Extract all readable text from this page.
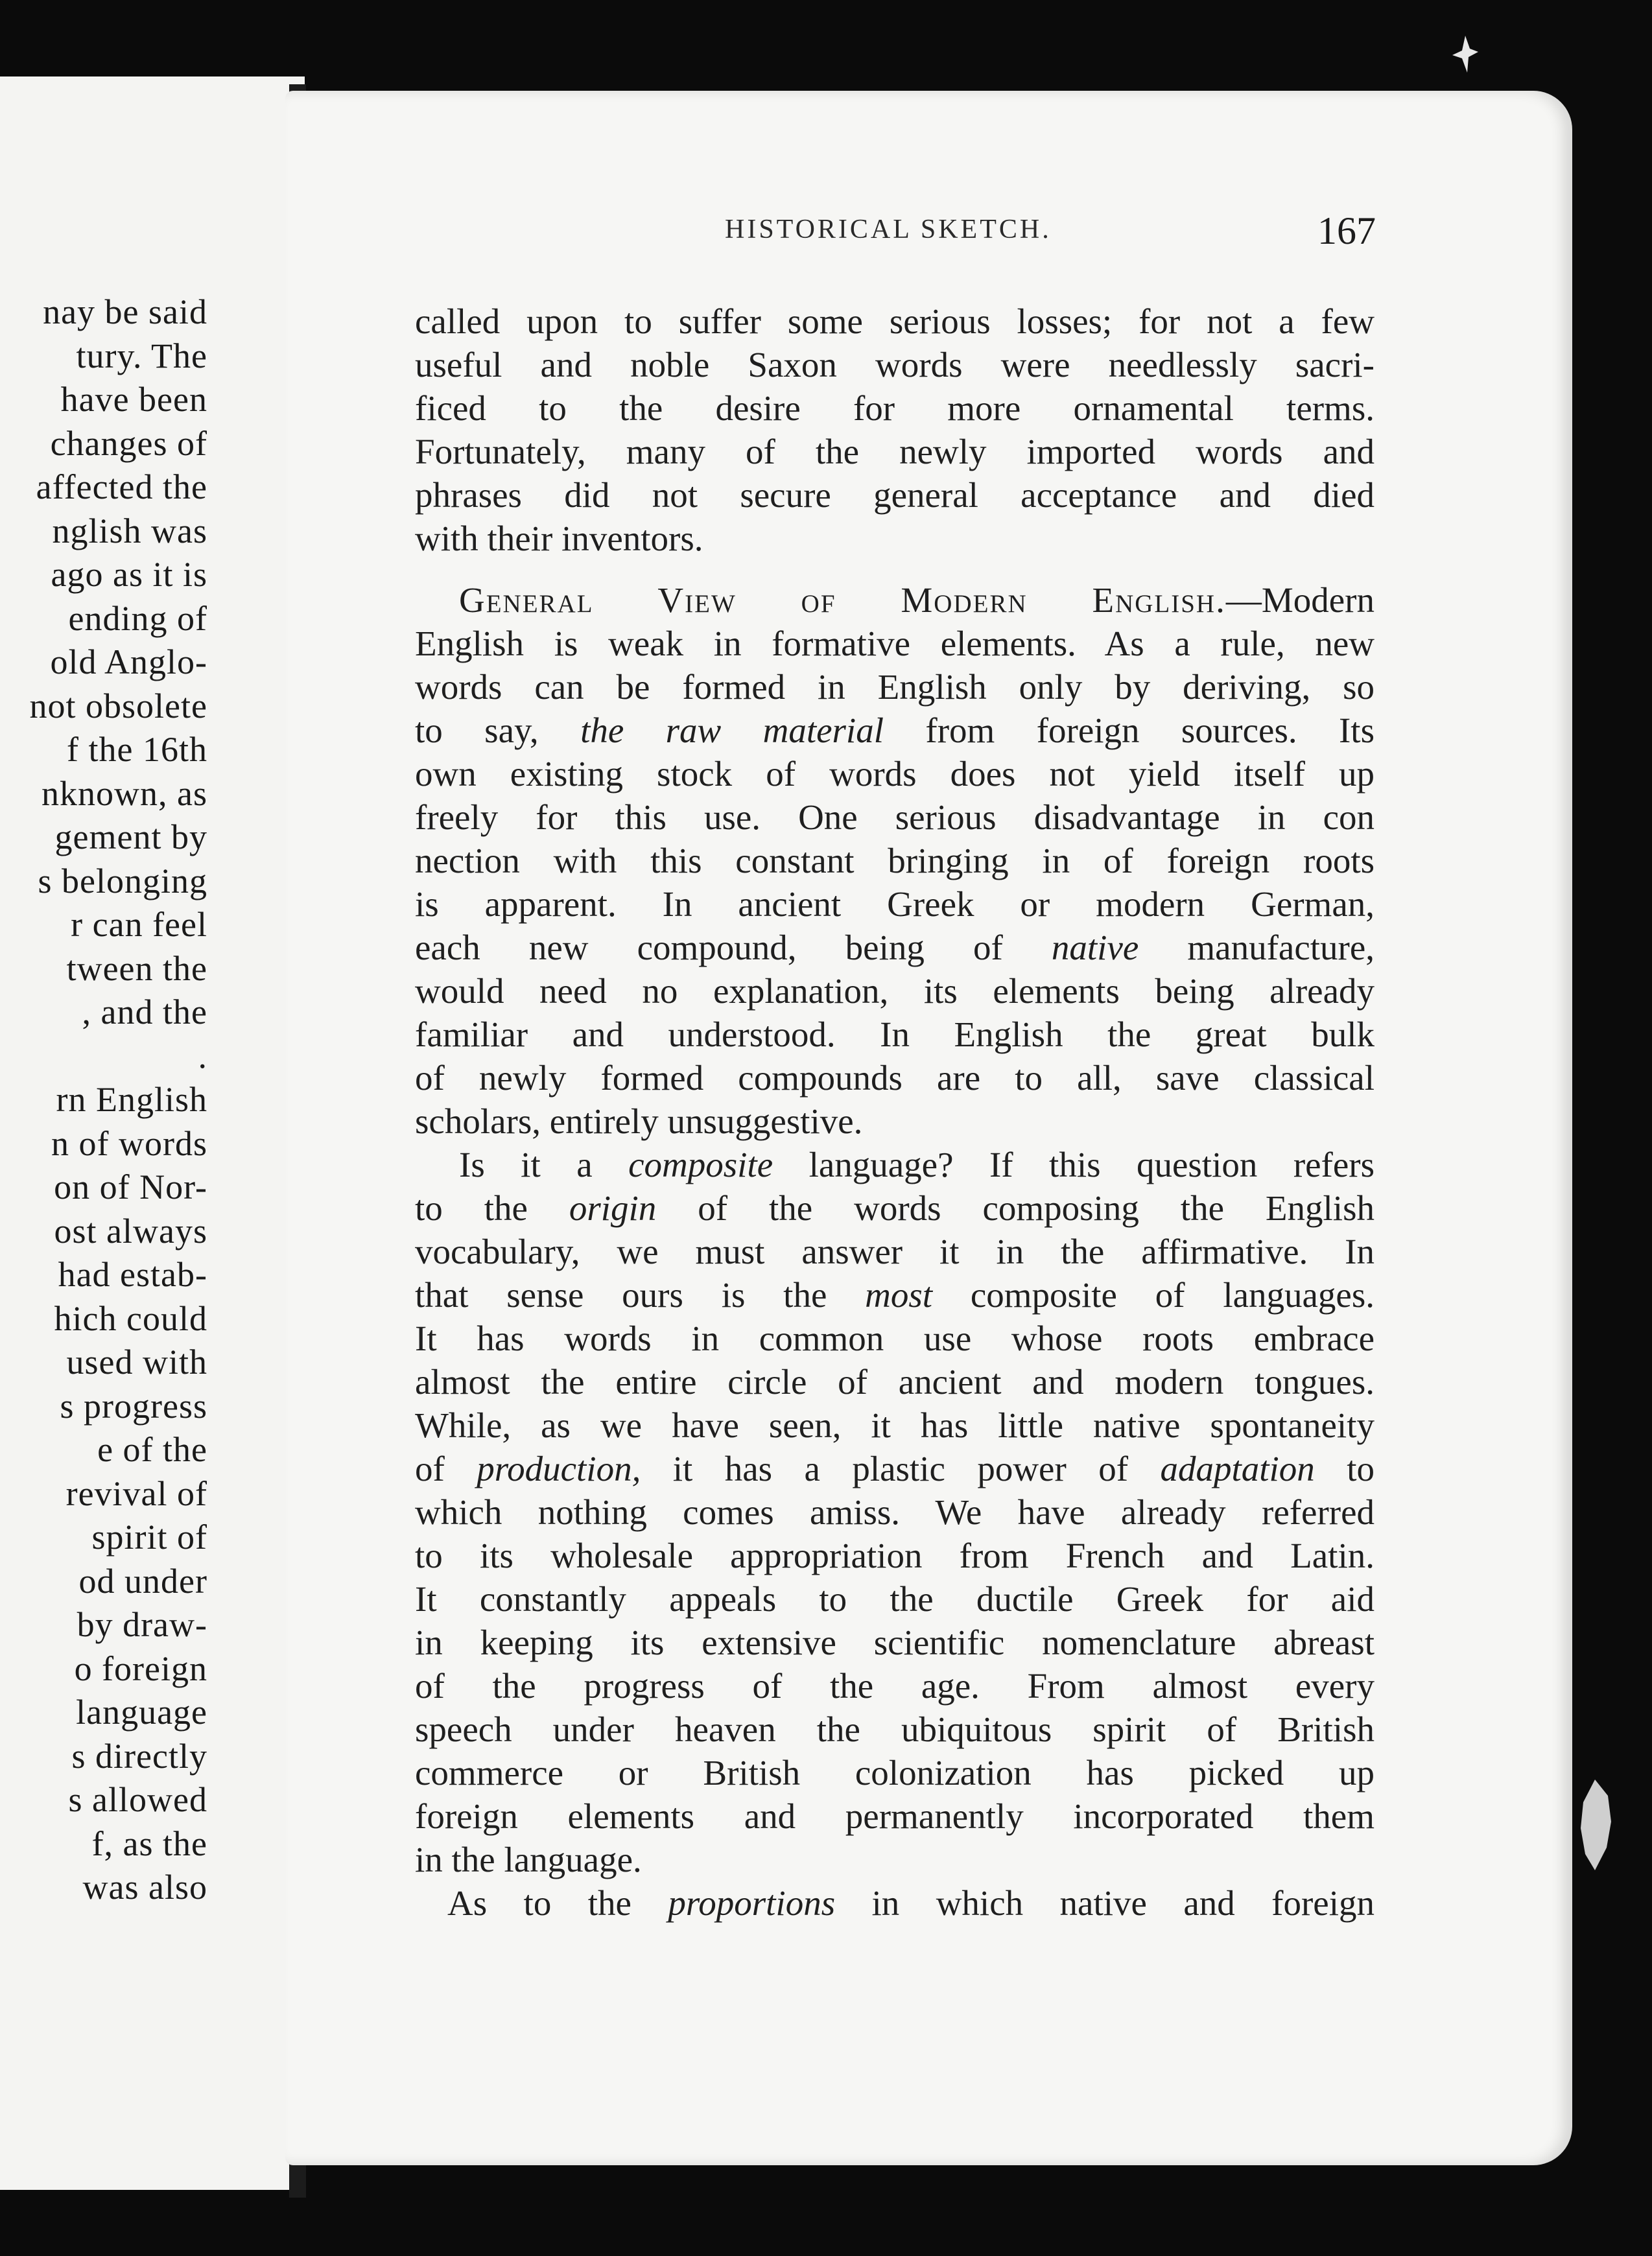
nay be said
tury. The
have been
changes of
affected the
nglish was
ago as it is
ending of
old Anglo-
not obsolete
f the 16th
nknown, as
gement by
s belonging
r can feel
tween the
, and the
.
rn English
n of words
on of Nor-
ost always
had estab-
hich could
used with
s progress
e of the
revival of
spirit of
od under
by draw-
o foreign
language
s directly
s allowed
f, as the
was also
HISTORICAL SKETCH.	167
called upon to suffer some serious losses; for not a few
useful and noble Saxon words were needlessly sacri-
ficed to the desire for more ornamental terms.
Fortunately, many of the newly imported words and
phrases did not secure general acceptance and died
with their inventors.
General View of Modern English.—Modern
English is weak in formative elements. As a rule, new
words can be formed in English only by deriving, so
to say, the raw material from foreign sources. Its
own existing stock of words does not yield itself up
freely for this use. One serious disadvantage in con
nection with this constant bringing in of foreign roots
is apparent. In ancient Greek or modern German,
each new compound, being of native manufacture,
would need no explanation, its elements being already
familiar and understood. In English the great bulk
of newly formed compounds are to all, save classical
scholars, entirely unsuggestive.
Is it a composite language? If this question refers
to the origin of the words composing the English
vocabulary, we must answer it in the affirmative. In
that sense ours is the most composite of languages.
It has words in common use whose roots embrace
almost the entire circle of ancient and modern tongues.
While, as we have seen, it has little native spontaneity
of production, it has a plastic power of adaptation to
which nothing comes amiss. We have already referred
to its wholesale appropriation from French and Latin.
It constantly appeals to the ductile Greek for aid
in keeping its extensive scientific nomenclature abreast
of the progress of the age. From almost every
speech under heaven the ubiquitous spirit of British
commerce or British colonization has picked up
foreign elements and permanently incorporated them
in the language.
As to the proportions in which native and foreign
